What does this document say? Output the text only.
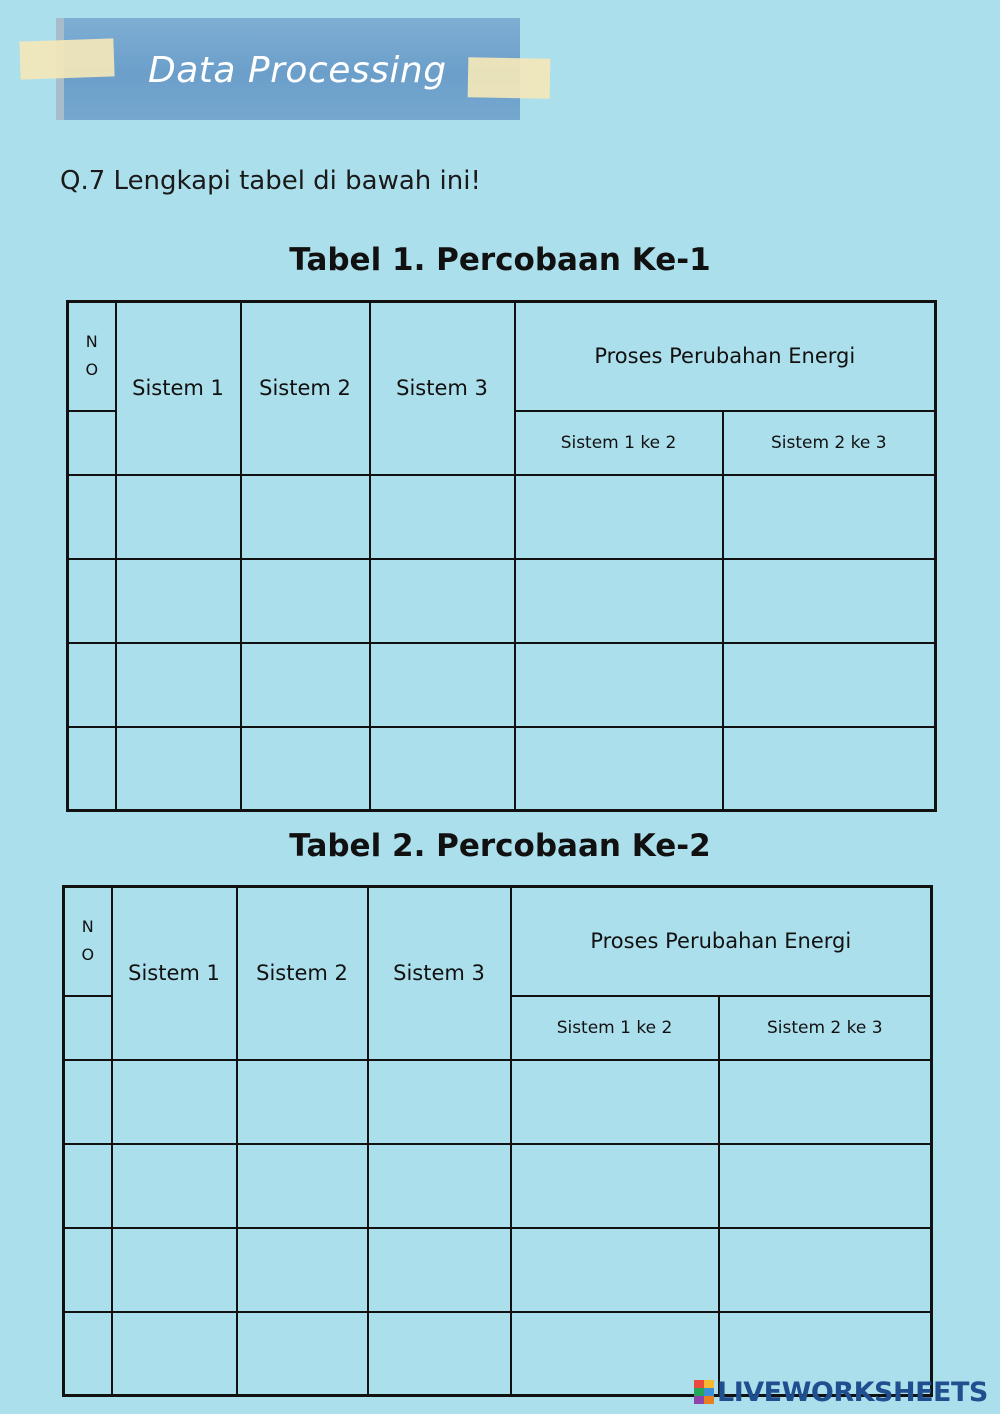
Data Processing
Q.7 Lengkapi tabel di bawah ini!
Tabel 1. Percobaan Ke-1
N
O	Sistem 1	Sistem 2	Sistem 3	Proses Perubahan Energi	
				Sistem 1 ke 2	Sistem 2 ke 3

Tabel 2. Percobaan Ke-2
N
O	Sistem 1	Sistem 2	Sistem 3	Proses Perubahan Energi	
				Sistem 1 ke 2	Sistem 2 ke 3

LIVEWORKSHEETS
